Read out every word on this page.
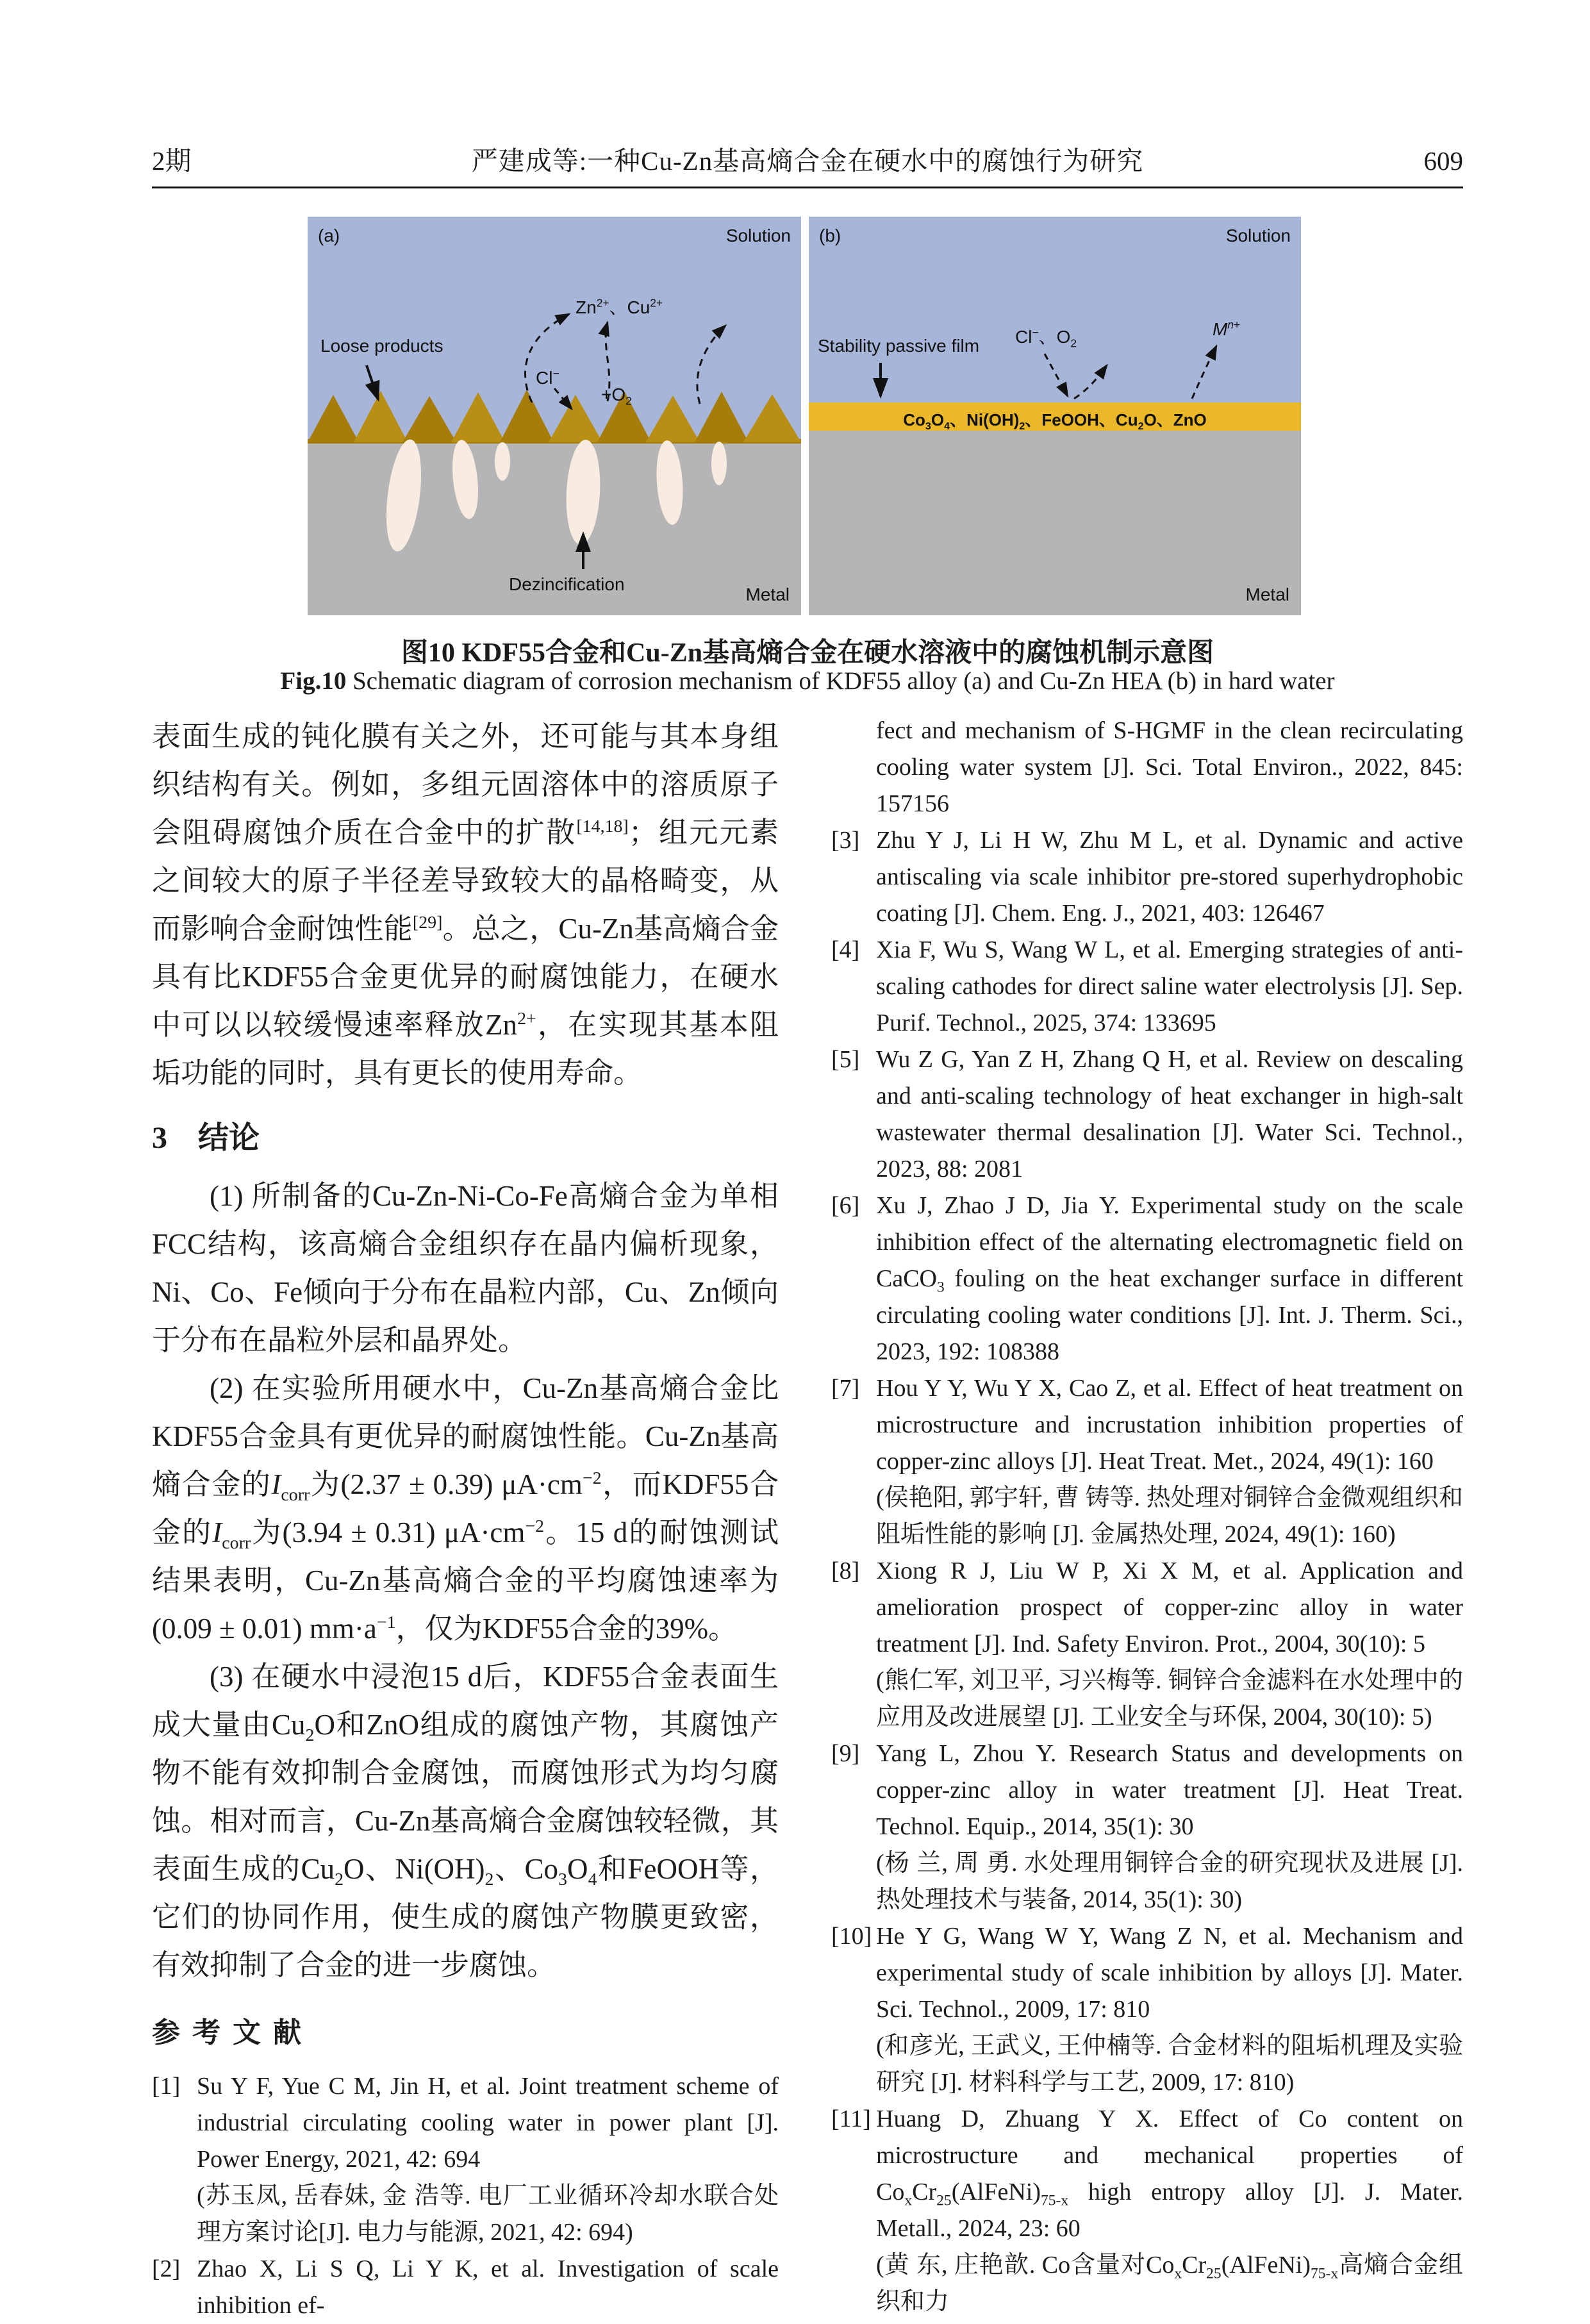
2期	严建成等:一种Cu-Zn基高熵合金在硬水中的腐蚀行为研究	609
(a)	Solution
Loose products
$Zn^{2+}$、$Cu^{2+}$
Cl−
$+O_2$
Dezincification
Metal
(b)	Solution
Stability passive film Cl−、$O_2$
$M^{n+}$
$Co_3O_4$、$Ni(OH)_2$、FeOOH、$Cu_2O$、ZnO
Metal
图10 KDF55合金和Cu-Zn基高熵合金在硬水溶液中的腐蚀机制示意图
Fig.10 Schematic diagram of corrosion mechanism of KDF55 alloy (a) and Cu-Zn HEA (b) in hard water

表面生成的钝化膜有关之外，还可能与其本身组织结构有关。例如，多组元固溶体中的溶质原子会阻碍腐蚀介质在合金中的扩散[14,18]；组元元素之间较大的原子半径差导致较大的晶格畸变，从而影响合金耐蚀性能[29]。总之，Cu-Zn基高熵合金具有比KDF55合金更优异的耐腐蚀能力，在硬水中可以以较缓慢速率释放$Zn^{2+}$，在实现其基本阻垢功能的同时，具有更长的使用寿命。

3　结论

(1) 所制备的Cu-Zn-Ni-Co-Fe高熵合金为单相FCC结构，该高熵合金组织存在晶内偏析现象，Ni、Co、Fe倾向于分布在晶粒内部，Cu、Zn倾向于分布在晶粒外层和晶界处。

(2) 在实验所用硬水中，Cu-Zn基高熵合金比KDF55合金具有更优异的耐腐蚀性能。Cu-Zn基高熵合金的$I_{corr}$为(2.37 ± 0.39) $\mu A\cdot cm^{-2}$，而KDF55合金的$I_{corr}$为(3.94 ± 0.31) $\mu A\cdot cm^{-2}$。15 d的耐蚀测试结果表明，Cu-Zn基高熵合金的平均腐蚀速率为(0.09 ± 0.01) $mm\cdot a^{-1}$，仅为KDF55合金的39%。

(3) 在硬水中浸泡15 d后，KDF55合金表面生成大量由$Cu_2O$和ZnO组成的腐蚀产物，其腐蚀产物不能有效抑制合金腐蚀，而腐蚀形式为均匀腐蚀。相对而言，Cu-Zn基高熵合金腐蚀较轻微，其表面生成的$Cu_2O$、$Ni(OH)_2$、$Co_3O_4$和FeOOH等，它们的协同作用，使生成的腐蚀产物膜更致密，有效抑制了合金的进一步腐蚀。

参 考 文 献
[1] Su Y F, Yue C M, Jin H, et al. Joint treatment scheme of industrial circulating cooling water in power plant [J]. Power Energy, 2021, 42: 694
(苏玉凤, 岳春妹, 金 浩等. 电厂工业循环冷却水联合处理方案讨论[J]. 电力与能源, 2021, 42: 694)
[2] Zhao X, Li S Q, Li Y K, et al. Investigation of scale inhibition ef-
fect and mechanism of S-HGMF in the clean recirculating cooling water system [J]. Sci. Total Environ., 2022, 845: 157156
[3] Zhu Y J, Li H W, Zhu M L, et al. Dynamic and active antiscaling via scale inhibitor pre-stored superhydrophobic coating [J]. Chem. Eng. J., 2021, 403: 126467
[4] Xia F, Wu S, Wang W L, et al. Emerging strategies of anti-scaling cathodes for direct saline water electrolysis [J]. Sep. Purif. Technol., 2025, 374: 133695
[5] Wu Z G, Yan Z H, Zhang Q H, et al. Review on descaling and anti-scaling technology of heat exchanger in high-salt wastewater thermal desalination [J]. Water Sci. Technol., 2023, 88: 2081
[6] Xu J, Zhao J D, Jia Y. Experimental study on the scale inhibition effect of the alternating electromagnetic field on CaCO$_3$ fouling on the heat exchanger surface in different circulating cooling water conditions [J]. Int. J. Therm. Sci., 2023, 192: 108388
[7] Hou Y Y, Wu Y X, Cao Z, et al. Effect of heat treatment on microstructure and incrustation inhibition properties of copper-zinc alloys [J]. Heat Treat. Met., 2024, 49(1): 160
(侯艳阳, 郭宇轩, 曹 铸等. 热处理对铜锌合金微观组织和阻垢性能的影响 [J]. 金属热处理, 2024, 49(1): 160)
[8] Xiong R J, Liu W P, Xi X M, et al. Application and amelioration prospect of copper-zinc alloy in water treatment [J]. Ind. Safety Environ. Prot., 2004, 30(10): 5
(熊仁军, 刘卫平, 习兴梅等. 铜锌合金滤料在水处理中的应用及改进展望 [J]. 工业安全与环保, 2004, 30(10): 5)
[9] Yang L, Zhou Y. Research Status and developments on copper-zinc alloy in water treatment [J]. Heat Treat. Technol. Equip., 2014, 35(1): 30
(杨 兰, 周 勇. 水处理用铜锌合金的研究现状及进展 [J]. 热处理技术与装备, 2014, 35(1): 30)
[10] He Y G, Wang W Y, Wang Z N, et al. Mechanism and experimental study of scale inhibition by alloys [J]. Mater. Sci. Technol., 2009, 17: 810
(和彦光, 王武义, 王仲楠等. 合金材料的阻垢机理及实验研究 [J]. 材料科学与工艺, 2009, 17: 810)
[11] Huang D, Zhuang Y X. Effect of Co content on microstructure and mechanical properties of $Co_xCr_{25}(AlFeNi)_{75-x}$ high entropy alloy [J]. J. Mater. Metall., 2024, 23: 60
(黄 东, 庄艳歆. Co含量对$Co_xCr_{25}(AlFeNi)_{75-x}$高熵合金组织和力
